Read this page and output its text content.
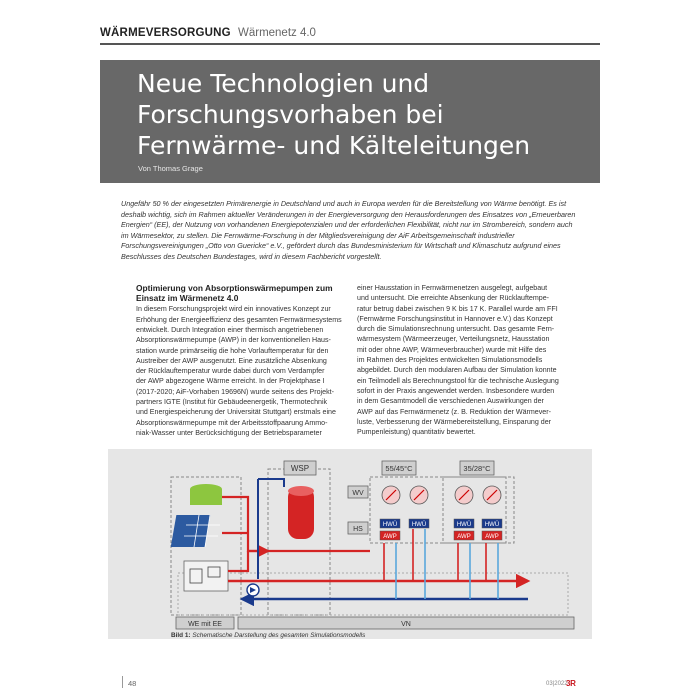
WÄRMEVERSORGUNG Wärmenetz 4.0
Neue Technologien und Forschungsvorhaben bei Fernwärme- und Kälteleitungen
Von Thomas Grage
Ungefähr 50 % der eingesetzten Primärenergie in Deutschland und auch in Europa werden für die Bereitstellung von Wärme benötigt. Es ist deshalb wichtig, sich im Rahmen aktueller Veränderungen in der Energieversorgung den Herausforderungen des Einsatzes von „Erneuerbaren Energien“ (EE), der Nutzung von vorhandenen Energiepotenzialen und der erforderlichen Flexibilität, nicht nur im Strombereich, sondern auch im Wärmesektor, zu stellen. Die Fernwärme-Forschung in der Mitgliedsvereinigung der AiF Arbeitsgemeinschaft industrieller Forschungsvereinigungen „Otto von Guericke“ e.V., gefördert durch das Bundesministerium für Wirtschaft und Klimaschutz aufgrund eines Beschlusses des Deutschen Bundestages, wird in diesem Fachbericht vorgestellt.
Optimierung von Absorptionswärmepumpen zum Einsatz im Wärmenetz 4.0

In diesem Forschungsprojekt wird ein innovatives Konzept zur
Erhöhung der Energieeffizienz des gesamten Fernwärmesystems
entwickelt. Durch Integration einer thermisch angetriebenen
Absorptionswärmepumpe (AWP) in der konventionellen Haus-
station wurde primärseitig die hohe Vorlauftemperatur für den
Austreiber der AWP ausgenutzt. Eine zusätzliche Absenkung
der Rücklauftemperatur wurde dabei durch vom Verdampfer
der AWP abgezogene Wärme erreicht. In der Projektphase I
(2017-2020; AiF-Vorhaben 19696N) wurde seitens des Projekt-
partners IGTE (Institut für Gebäudeenergetik, Thermotechnik
und Energiespeicherung der Universität Stuttgart) erstmals eine
Absorptionswärmepumpe mit der Arbeitsstoffpaarung Ammo-
niak-Wasser unter Berücksichtigung der Betriebsparameter

einer Hausstation in Fernwärmenetzen ausgelegt, aufgebaut
und untersucht. Die erreichte Absenkung der Rücklauftempe-
ratur betrug dabei zwischen 9 K bis 17 K. Parallel wurde am FFI
(Fernwärme Forschungsinstitut in Hannover e.V.) das Konzept
durch die Simulationsrechnung untersucht. Das gesamte Fern-
wärmesystem (Wärmeerzeuger, Verteilungsnetz, Hausstation
mit oder ohne AWP, Wärmeverbraucher) wurde mit Hilfe des
im Rahmen des Projektes entwickelten Simulationsmodells
abgebildet. Durch den modularen Aufbau der Simulation konnte
ein Teilmodell als Berechnungstool für die technische Auslegung
sofort in der Praxis angewendet werden. Insbesondere wurden
in dem Gesamtmodell die verschiedenen Auswirkungen der
AWP auf das Fernwärmenetz (z. B. Reduktion der Wärmever-
luste, Verbesserung der Wärmebereitstellung, Einsparung der
Pumpenleistung) quantitativ bewertet.

WSP	55/45°C	35/28°C
WV
HS
HWÜ
AWP
HWÜ	HWÜ
AWP
HWÜ
AWP
WE mit EE	VN
Bild 1: Schematische Darstellung des gesamten Simulationsmodells
48	03|2022
3R
